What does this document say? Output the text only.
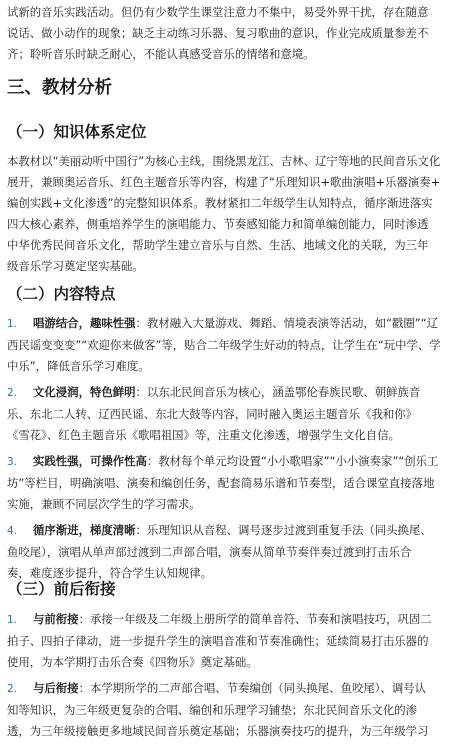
试新的音乐实践活动。但仍有少数学生课堂注意力不集中，易受外界干扰，存在随意
说话、做小动作的现象；缺乏主动练习乐器、复习歌曲的意识，作业完成质量参差不
齐；聆听音乐时缺乏耐心，不能认真感受音乐的情绪和意境。
三、教材分析
（一）知识体系定位
本教材以“美丽动听中国行”为核心主线，围绕黑龙江、吉林、辽宁等地的民间音乐文化
展开，兼顾奥运音乐、红色主题音乐等内容，构建了“乐理知识+歌曲演唱+乐器演奏+
编创实践+文化渗透”的完整知识体系。教材紧扣二年级学生认知特点，循序渐进落实
四大核心素养，侧重培养学生的演唱能力、节奏感知能力和简单编创能力，同时渗透
中华优秀民间音乐文化，帮助学生建立音乐与自然、生活、地域文化的关联，为三年
级音乐学习奠定坚实基础。
（二）内容特点
1. 唱游结合，趣味性强：教材融入大量游戏、舞蹈、情境表演等活动，如“戳圈”“辽
西民谣变变变”“欢迎你来做客”等，贴合二年级学生好动的特点，让学生在“玩中学、学
中乐”，降低音乐学习难度。
2. 文化浸润，特色鲜明：以东北民间音乐为核心，涵盖鄂伦春族民歌、朝鲜族音
乐、东北二人转、辽西民谣、东北大鼓等内容，同时融入奥运主题音乐《我和你》
《雪花》、红色主题音乐《歌唱祖国》等，注重文化渗透，增强学生文化自信。
3. 实践性强，可操作性高：教材每个单元均设置“小小歌唱家”“小小演奏家”“创乐工
坊”等栏目，明确演唱、演奏和编创任务，配套简易乐谱和节奏型，适合课堂直接落地
实施，兼顾不同层次学生的学习需求。
4. 循序渐进，梯度清晰：乐理知识从音程、调号逐步过渡到重复手法（同头换尾、
鱼咬尾），演唱从单声部过渡到二声部合唱，演奏从简单节奏伴奏过渡到打击乐合
奏，难度逐步提升，符合学生认知规律。
（三）前后衔接
1. 与前衔接：承接一年级及二年级上册所学的简单音符、节奏和演唱技巧，巩固二
拍子、四拍子律动，进一步提升学生的演唱音准和节奏准确性；延续简易打击乐器的
使用，为本学期打击乐合奏《四物乐》奠定基础。
2. 与后衔接：本学期所学的二声部合唱、节奏编创（同头换尾、鱼咬尾）、调号认
知等知识，为三年级更复杂的合唱、编创和乐理学习铺垫；东北民间音乐文化的渗
透，为三年级接触更多地域民间音乐奠定基础；乐器演奏技巧的提升，为三年级学习
